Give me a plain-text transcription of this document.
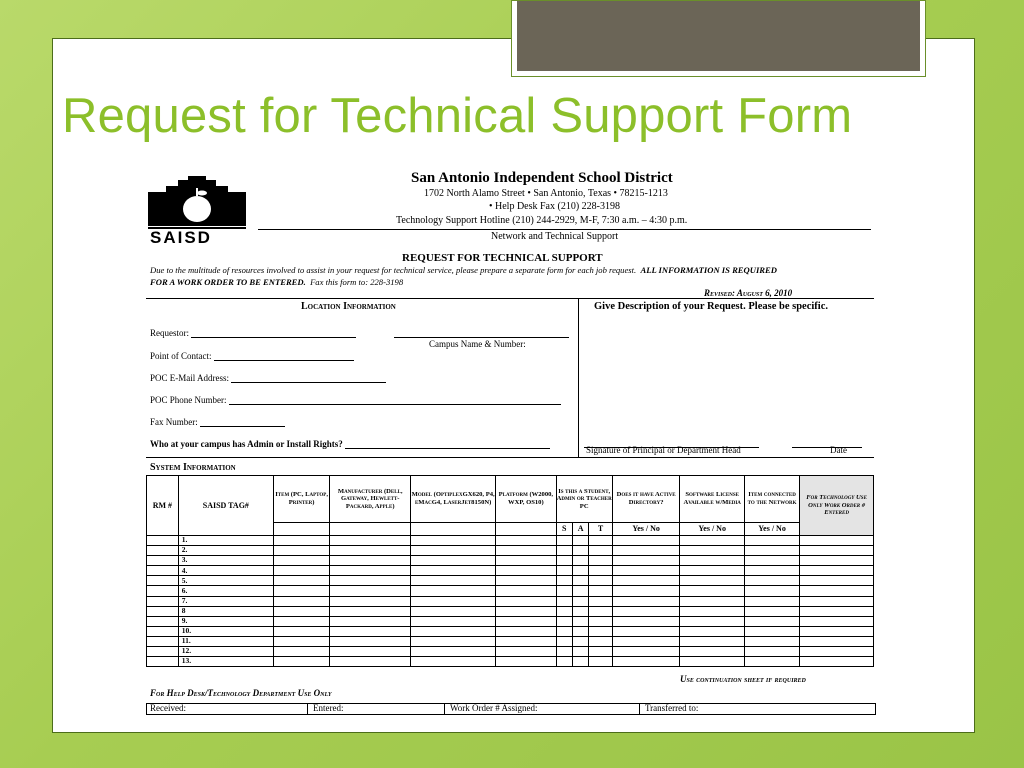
Request for Technical Support Form
SAISD
San Antonio Independent School District
1702 North Alamo Street • San Antonio, Texas • 78215-1213
• Help Desk Fax (210) 228-3198
Technology Support Hotline (210) 244-2929, M-F, 7:30 a.m. – 4:30 p.m.
Network and Technical Support
REQUEST FOR TECHNICAL SUPPORT
Due to the multitude of resources involved to assist in your request for technical service, please prepare a separate form for each job request. ALL INFORMATION IS REQUIRED
FOR A WORK ORDER TO BE ENTERED. Fax this form to: 228-3198
Revised: August 6, 2010
Location Information	Give Description of your Request. Please be specific.
Requestor:
Campus Name & Number:
Point of Contact:
POC E-Mail Address:
POC Phone Number:
Fax Number:
Who at your campus has Admin or Install Rights?
Signature of Principal or Department Head	Date
System Information
RM #	SAISD TAG#	Item (PC, Laptop, Printer)	Manufacturer (Dell, Gateway, Hewlett-Packard, Apple)	Model (OptiplexGX620, P4, eMacG4, LaserJet8150N)	Platform (W2000, WXP, OS10)	Is this a Student, Admin or Teacher PC			Does it have Active Directory?	Software License Available w/Media	Item connected to the Network	For Technology Use Only Work Order # Entered
						S	A	T	Yes / No	Yes / No	Yes / No	
	1.											
	2.											
	3.											
	4.											
	5.											
	6.											
	7.											
	8											
	9.											
	10.											
	11.											
	12.											
	13.											
Use continuation sheet if required
For Help Desk/Technology Department Use Only
Received:	Entered:	Work Order # Assigned:	Transferred to:
